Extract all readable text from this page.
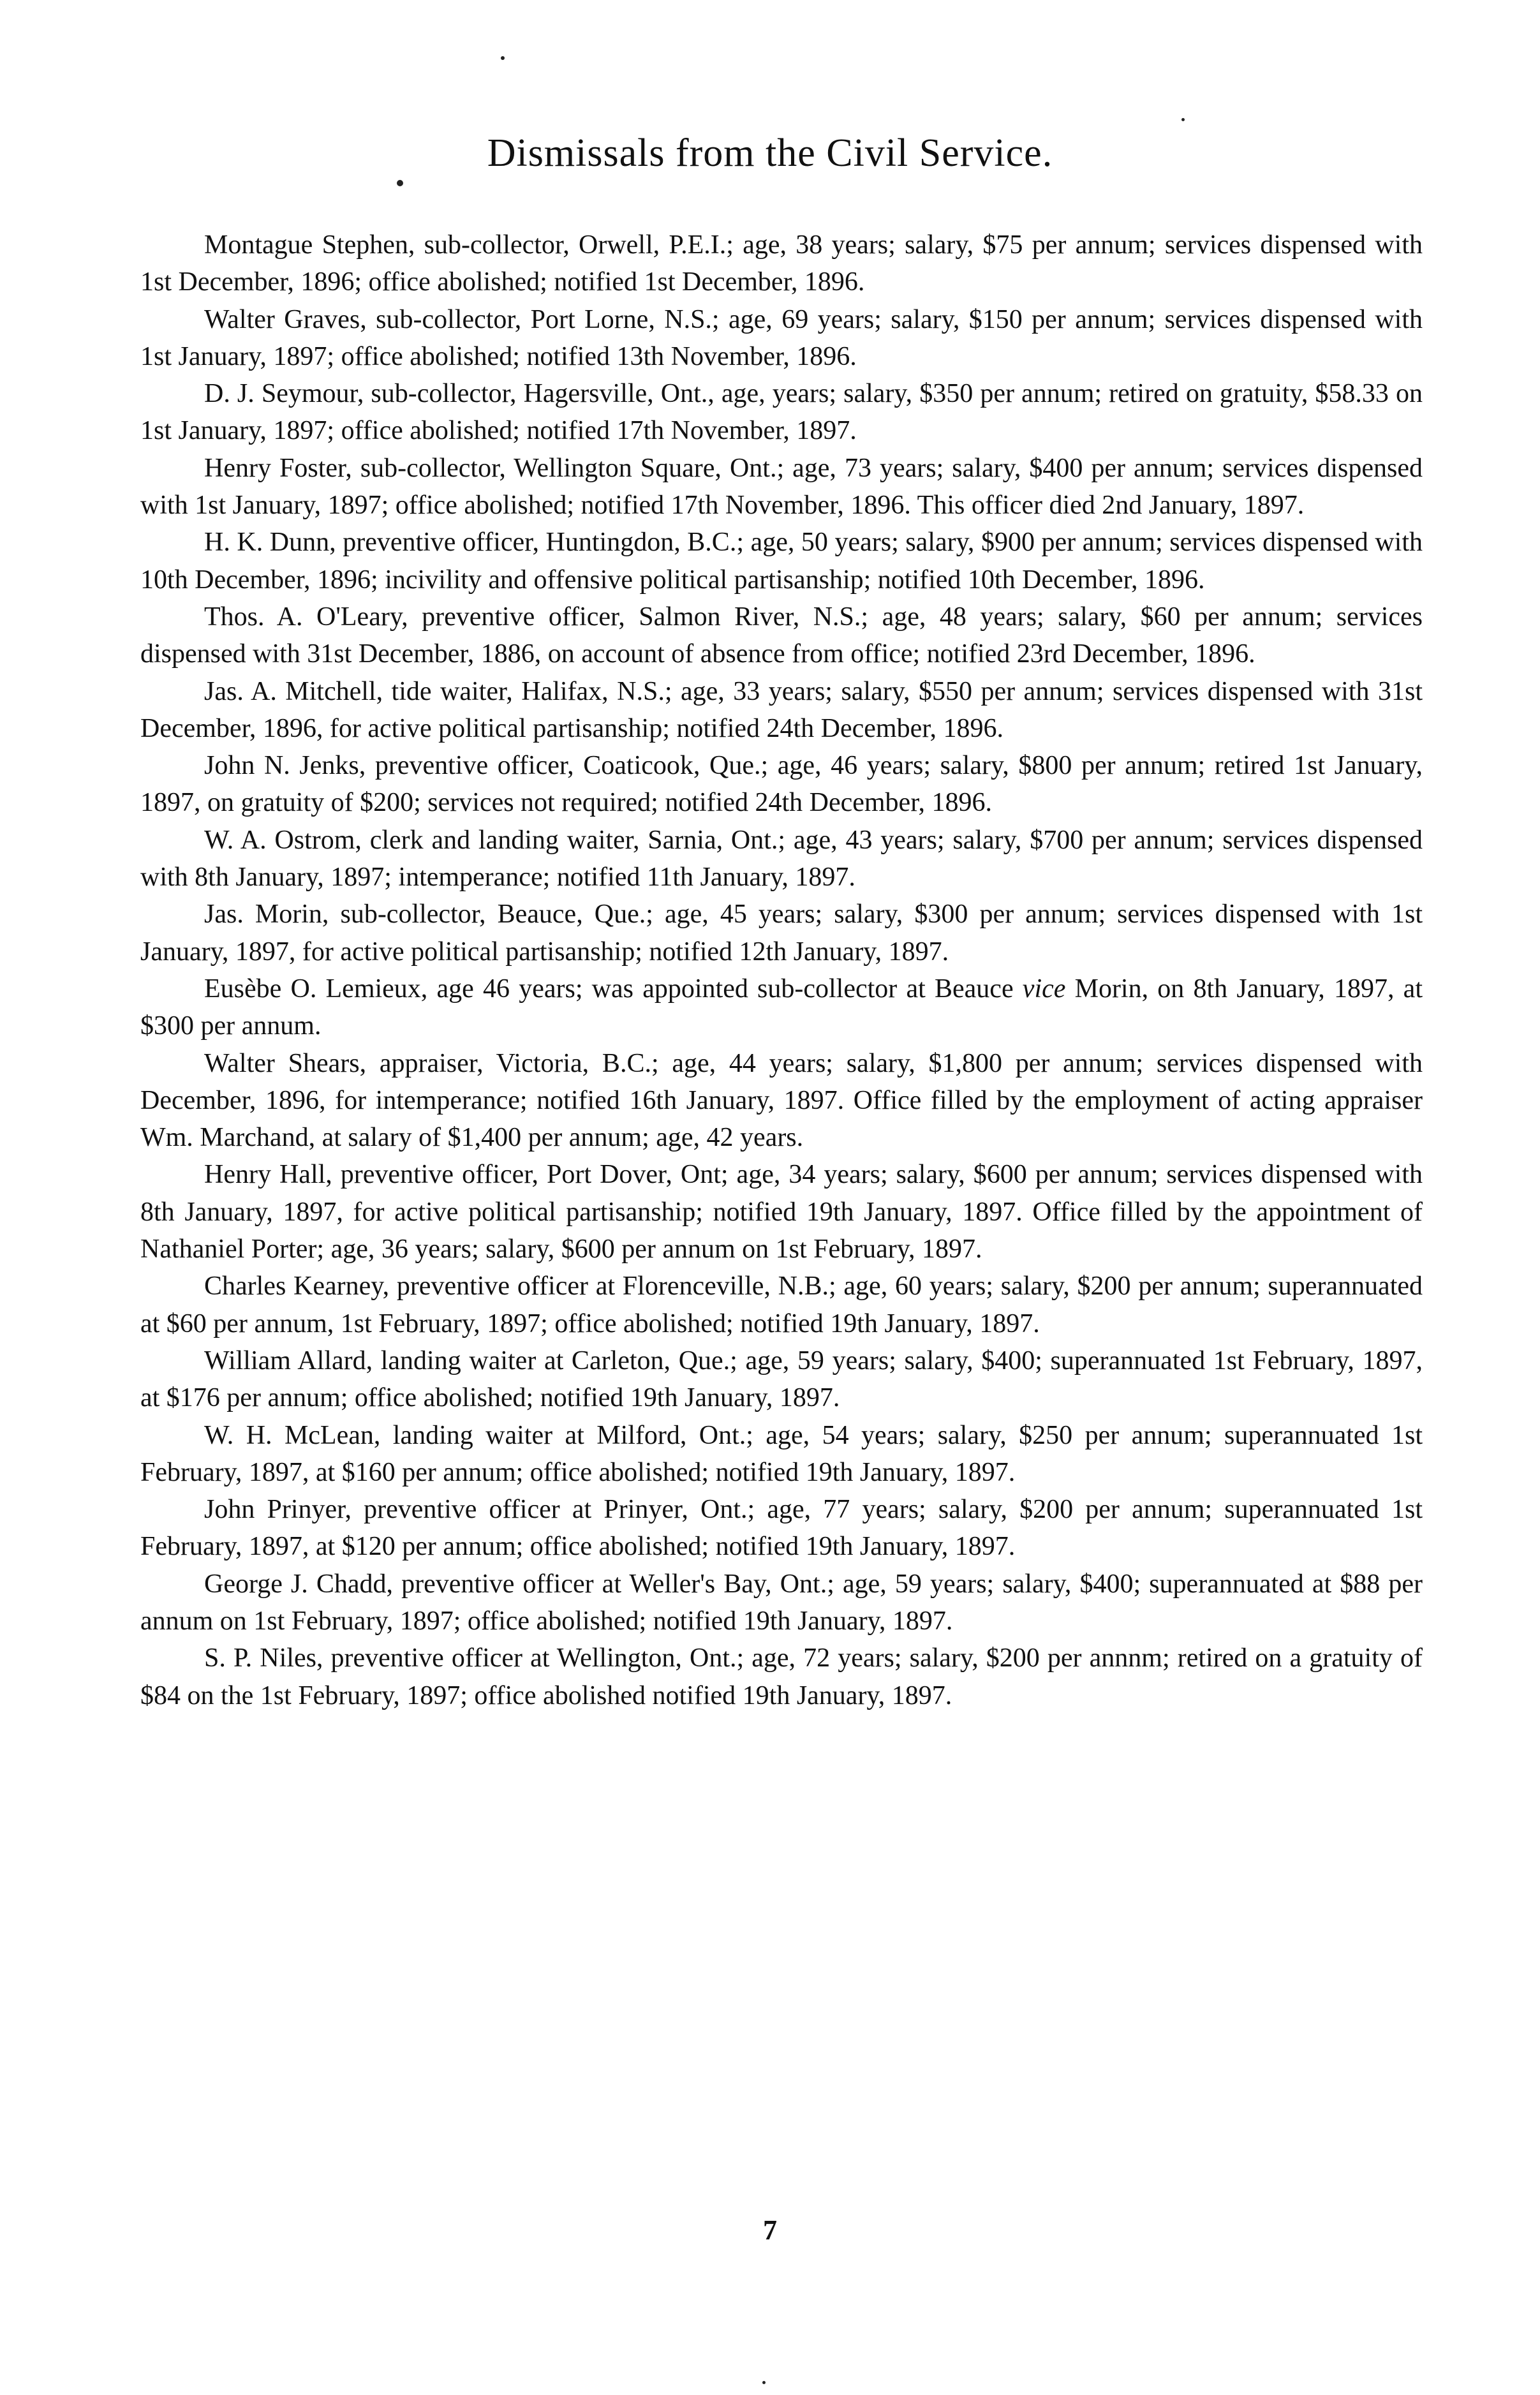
Dismissals from the Civil Service.

Montague Stephen, sub-collector, Orwell, P.E.I.; age, 38 years; salary, $75 per annum; services dispensed with 1st December, 1896; office abolished; notified 1st December, 1896.

Walter Graves, sub-collector, Port Lorne, N.S.; age, 69 years; salary, $150 per annum; services dispensed with 1st January, 1897; office abolished; notified 13th November, 1896.

D. J. Seymour, sub-collector, Hagersville, Ont., age, years; salary, $350 per annum; retired on gratuity, $58.33 on 1st January, 1897; office abolished; notified 17th November, 1897.

Henry Foster, sub-collector, Wellington Square, Ont.; age, 73 years; salary, $400 per annum; services dispensed with 1st January, 1897; office abolished; notified 17th November, 1896. This officer died 2nd January, 1897.

H. K. Dunn, preventive officer, Huntingdon, B.C.; age, 50 years; salary, $900 per annum; services dispensed with 10th December, 1896; incivility and offensive political partisanship; notified 10th December, 1896.

Thos. A. O'Leary, preventive officer, Salmon River, N.S.; age, 48 years; salary, $60 per annum; services dispensed with 31st December, 1886, on account of absence from office; notified 23rd December, 1896.

Jas. A. Mitchell, tide waiter, Halifax, N.S.; age, 33 years; salary, $550 per annum; services dispensed with 31st December, 1896, for active political partisanship; notified 24th December, 1896.

John N. Jenks, preventive officer, Coaticook, Que.; age, 46 years; salary, $800 per annum; retired 1st January, 1897, on gratuity of $200; services not required; notified 24th December, 1896.

W. A. Ostrom, clerk and landing waiter, Sarnia, Ont.; age, 43 years; salary, $700 per annum; services dispensed with 8th January, 1897; intemperance; notified 11th January, 1897.

Jas. Morin, sub-collector, Beauce, Que.; age, 45 years; salary, $300 per annum; services dispensed with 1st January, 1897, for active political partisanship; notified 12th January, 1897.

Eusèbe O. Lemieux, age 46 years; was appointed sub-collector at Beauce vice Morin, on 8th January, 1897, at $300 per annum.

Walter Shears, appraiser, Victoria, B.C.; age, 44 years; salary, $1,800 per annum; services dispensed with December, 1896, for intemperance; notified 16th January, 1897. Office filled by the employment of acting appraiser Wm. Marchand, at salary of $1,400 per annum; age, 42 years.

Henry Hall, preventive officer, Port Dover, Ont; age, 34 years; salary, $600 per annum; services dispensed with 8th January, 1897, for active political partisanship; notified 19th January, 1897. Office filled by the appointment of Nathaniel Porter; age, 36 years; salary, $600 per annum on 1st February, 1897.

Charles Kearney, preventive officer at Florenceville, N.B.; age, 60 years; salary, $200 per annum; superannuated at $60 per annum, 1st February, 1897; office abolished; notified 19th January, 1897.

William Allard, landing waiter at Carleton, Que.; age, 59 years; salary, $400; superannuated 1st February, 1897, at $176 per annum; office abolished; notified 19th January, 1897.

W. H. McLean, landing waiter at Milford, Ont.; age, 54 years; salary, $250 per annum; superannuated 1st February, 1897, at $160 per annum; office abolished; notified 19th January, 1897.

John Prinyer, preventive officer at Prinyer, Ont.; age, 77 years; salary, $200 per annum; superannuated 1st February, 1897, at $120 per annum; office abolished; notified 19th January, 1897.

George J. Chadd, preventive officer at Weller's Bay, Ont.; age, 59 years; salary, $400; superannuated at $88 per annum on 1st February, 1897; office abolished; notified 19th January, 1897.

S. P. Niles, preventive officer at Wellington, Ont.; age, 72 years; salary, $200 per annnm; retired on a gratuity of $84 on the 1st February, 1897; office abolished notified 19th January, 1897.

7
